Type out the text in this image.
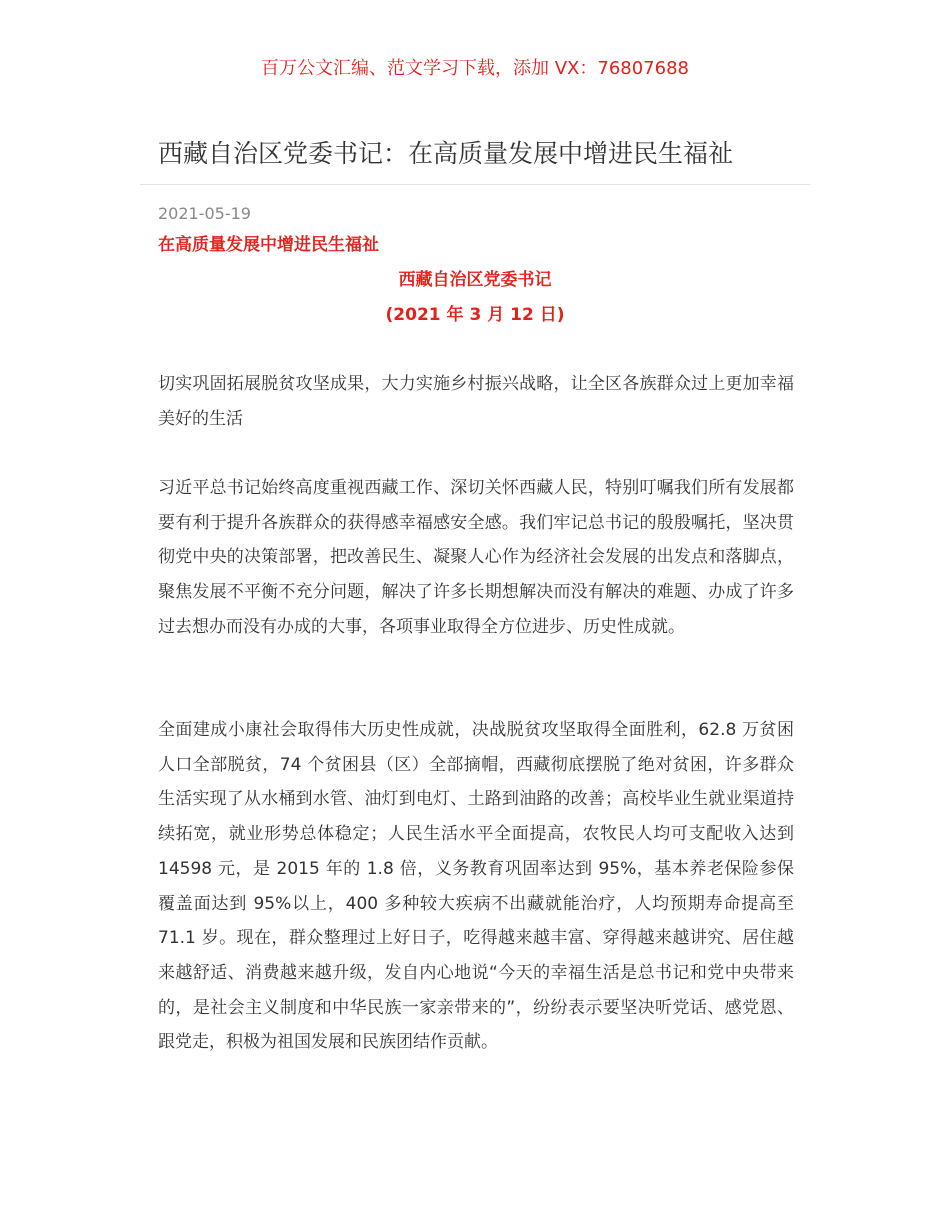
百万公文汇编、范文学习下载，添加 VX：76807688
西藏自治区党委书记：在高质量发展中增进民生福祉
2021-05-19
在高质量发展中增进民生福祉
西藏自治区党委书记
(2021 年 3 月 12 日)

切实巩固拓展脱贫攻坚成果，大力实施乡村振兴战略，让全区各族群众过上更加幸福美好的生活

习近平总书记始终高度重视西藏工作、深切关怀西藏人民，特别叮嘱我们所有发展都要有利于提升各族群众的获得感幸福感安全感。我们牢记总书记的殷殷嘱托，坚决贯彻党中央的决策部署，把改善民生、凝聚人心作为经济社会发展的出发点和落脚点，聚焦发展不平衡不充分问题，解决了许多长期想解决而没有解决的难题、办成了许多过去想办而没有办成的大事，各项事业取得全方位进步、历史性成就。

全面建成小康社会取得伟大历史性成就，决战脱贫攻坚取得全面胜利，62.8 万贫困人口全部脱贫，74 个贫困县（区）全部摘帽，西藏彻底摆脱了绝对贫困，许多群众生活实现了从水桶到水管、油灯到电灯、土路到油路的改善；高校毕业生就业渠道持续拓宽，就业形势总体稳定；人民生活水平全面提高，农牧民人均可支配收入达到 14598 元，是 2015 年的 1.8 倍，义务教育巩固率达到 95%，基本养老保险参保覆盖面达到 95%以上，400 多种较大疾病不出藏就能治疗，人均预期寿命提高至 71.1 岁。现在，群众整理过上好日子，吃得越来越丰富、穿得越来越讲究、居住越来越舒适、消费越来越升级，发自内心地说“今天的幸福生活是总书记和党中央带来的，是社会主义制度和中华民族一家亲带来的”，纷纷表示要坚决听党话、感党恩、跟党走，积极为祖国发展和民族团结作贡献。
